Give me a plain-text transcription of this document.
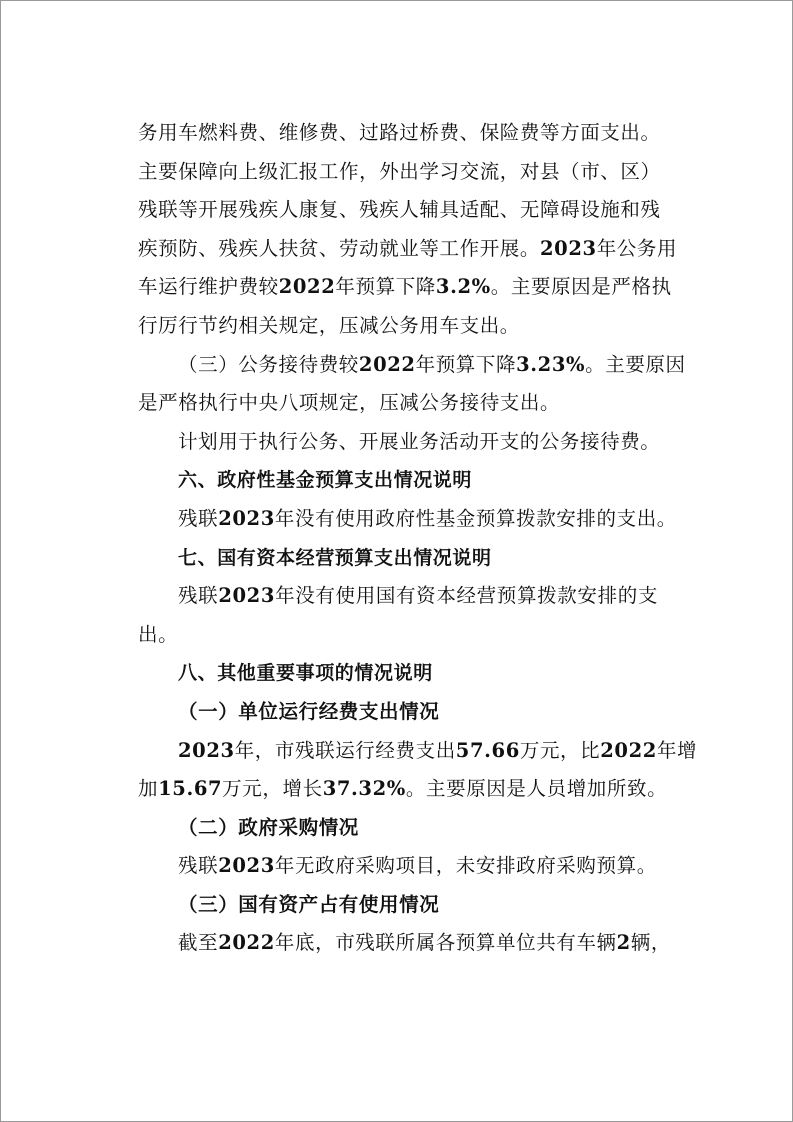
务用车燃料费、维修费、过路过桥费、保险费等方面支出。
主要保障向上级汇报工作，外出学习交流，对县（市、区）
残联等开展残疾人康复、残疾人辅具适配、无障碍设施和残
疾预防、残疾人扶贫、劳动就业等工作开展。2023年公务用
车运行维护费较2022年预算下降3.2%。主要原因是严格执
行厉行节约相关规定，压减公务用车支出。
（三）公务接待费较2022年预算下降3.23%。主要原因
是严格执行中央八项规定，压减公务接待支出。
计划用于执行公务、开展业务活动开支的公务接待费。
六、政府性基金预算支出情况说明
残联2023年没有使用政府性基金预算拨款安排的支出。
七、国有资本经营预算支出情况说明
残联2023年没有使用国有资本经营预算拨款安排的支
出。
八、其他重要事项的情况说明
（一）单位运行经费支出情况
2023年，市残联运行经费支出57.66万元，比2022年增
加15.67万元，增长37.32%。主要原因是人员增加所致。
（二）政府采购情况
残联2023年无政府采购项目，未安排政府采购预算。
（三）国有资产占有使用情况
截至2022年底，市残联所属各预算单位共有车辆2辆，
